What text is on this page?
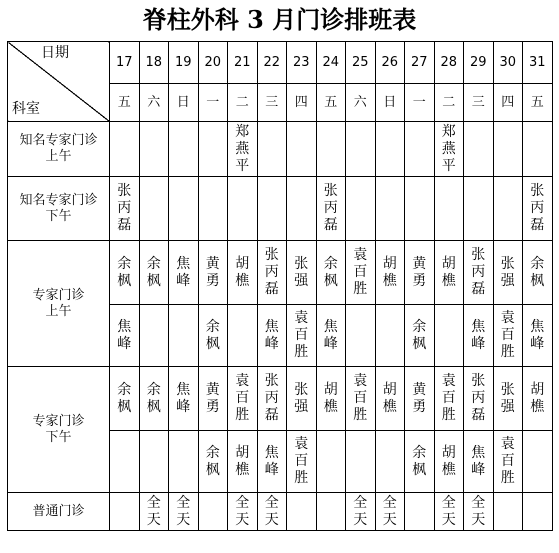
脊柱外科 3 月门诊排班表
日期
科室	17	18	19	20	21	22	23	24	25	26	27	28	29	30	31
	五	六	日	一	二	三	四	五	六	日	一	二	三	四	五

知名专家门诊
上午					郑燕平							郑燕平			

知名专家门诊
下午	张丙磊							张丙磊							张丙磊

专家门诊
上午	余枫	余枫	焦峰	黄勇	胡樵	张丙磊	张强	余枫	袁百胜	胡樵	黄勇	胡樵	张丙磊	张强	余枫
	焦峰			余枫		焦峰	袁百胜	焦峰			余枫		焦峰	袁百胜	焦峰

专家门诊
下午	余枫	余枫	焦峰	黄勇	袁百胜	张丙磊	张强	胡樵	袁百胜	胡樵	黄勇	袁百胜	张丙磊	张强	胡樵
				余枫	胡樵	焦峰	袁百胜				余枫	胡樵	焦峰	袁百胜	

普通门诊		全天	全天		全天	全天			全天	全天		全天	全天		
